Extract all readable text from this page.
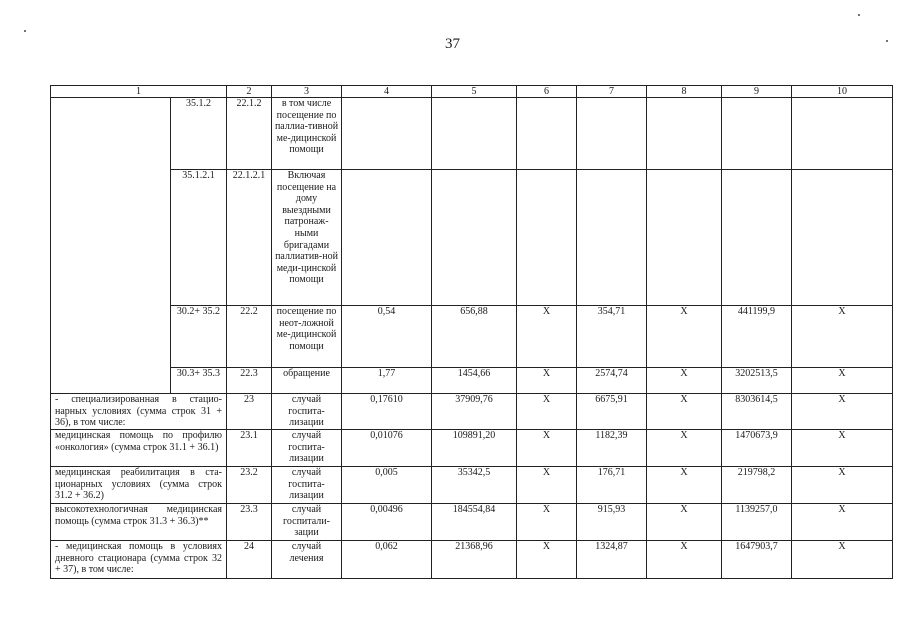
37
1		2	3	4	5	6	7	8	9	10
	35.1.2	22.1.2	в том числе посещение по паллиа-тивной ме-дицинской помощи							
	35.1.2.1	22.1.2.1	Включая посещение на дому выездными патронаж-ными бригадами паллиатив-ной меди-цинской помощи							
	30.2+ 35.2	22.2	посещение по неот-ложной ме-дицинской помощи	0,54	656,88	X	354,71	X	441199,9	X
	30.3+ 35.3	22.3	обращение	1,77	1454,66	X	2574,74	X	3202513,5	X
- специализированная в стацио-нарных условиях (сумма строк 31 + 36), в том числе:		23	случай госпита-лизации	0,17610	37909,76	X	6675,91	X	8303614,5	X
медицинская помощь по профилю «онкология» (сумма строк 31.1 + 36.1)		23.1	случай госпита-лизации	0,01076	109891,20	X	1182,39	X	1470673,9	X
медицинская реабилитация в ста-ционарных условиях (сумма строк 31.2 + 36.2)		23.2	случай госпита-лизации	0,005	35342,5	X	176,71	X	219798,2	X
высокотехнологичная медицинская помощь (сумма строк 31.3 + 36.3)**		23.3	случай госпитали-зации	0,00496	184554,84	X	915,93	X	1139257,0	X
- медицинская помощь в условиях дневного стационара (сумма строк 32 + 37), в том числе:		24	случай лечения	0,062	21368,96	X	1324,87	X	1647903,7	X
